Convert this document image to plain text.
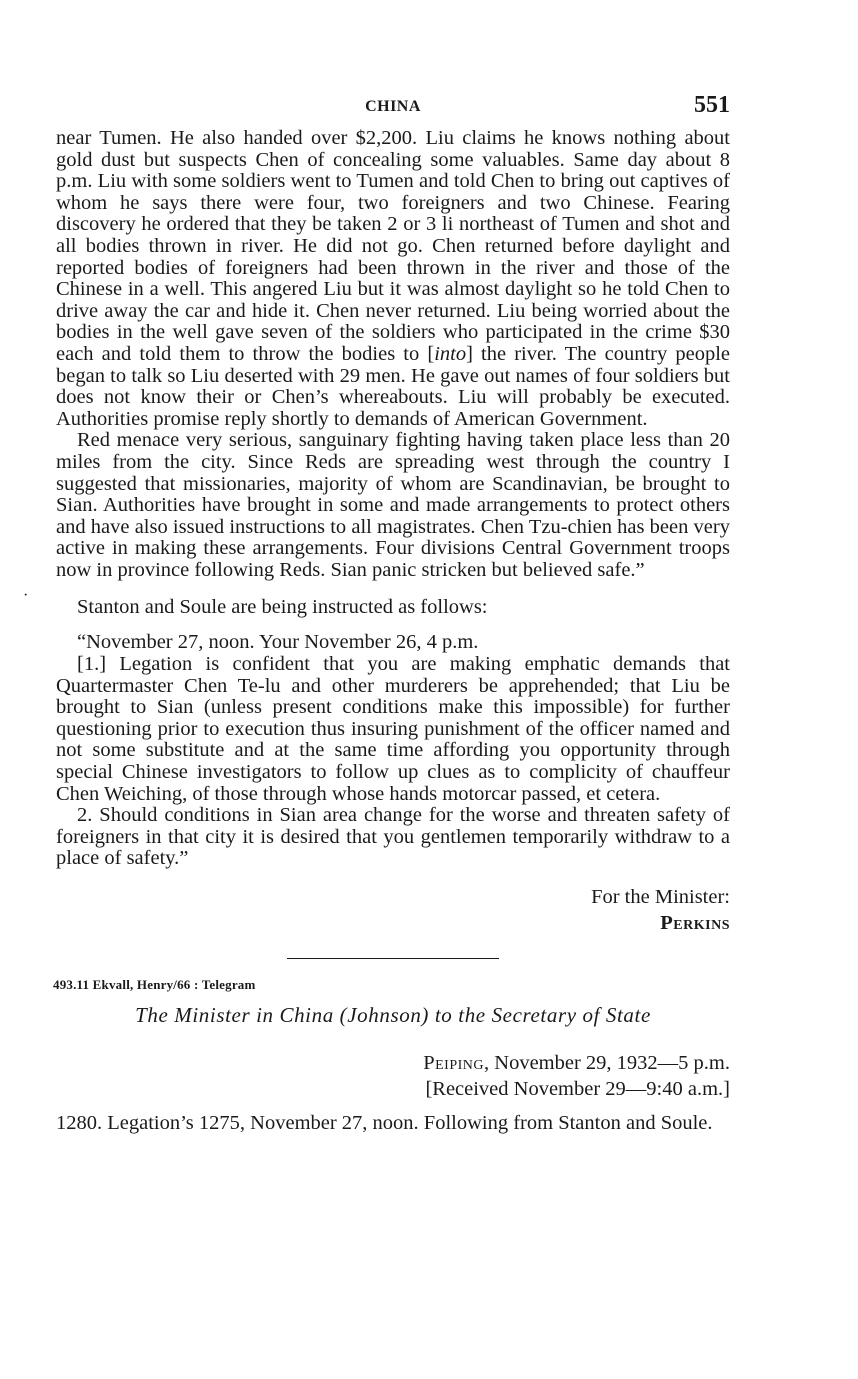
CHINA	551

near Tumen. He also handed over $2,200. Liu claims he knows nothing about gold dust but suspects Chen of concealing some valuables. Same day about 8 p.m. Liu with some soldiers went to Tumen and told Chen to bring out captives of whom he says there were four, two foreigners and two Chinese. Fearing discovery he ordered that they be taken 2 or 3 li northeast of Tumen and shot and all bodies thrown in river. He did not go. Chen returned before daylight and reported bodies of foreigners had been thrown in the river and those of the Chinese in a well. This angered Liu but it was almost daylight so he told Chen to drive away the car and hide it. Chen never returned. Liu being worried about the bodies in the well gave seven of the soldiers who participated in the crime $30 each and told them to throw the bodies to [into] the river. The country people began to talk so Liu deserted with 29 men. He gave out names of four soldiers but does not know their or Chen’s whereabouts. Liu will probably be executed. Authorities promise reply shortly to demands of American Government.

Red menace very serious, sanguinary fighting having taken place less than 20 miles from the city. Since Reds are spreading west through the country I suggested that missionaries, majority of whom are Scandinavian, be brought to Sian. Authorities have brought in some and made arrangements to protect others and have also issued instructions to all magistrates. Chen Tzu-chien has been very active in making these arrangements. Four divisions Central Government troops now in province following Reds. Sian panic stricken but believed safe.”

Stanton and Soule are being instructed as follows:

“November 27, noon. Your November 26, 4 p.m.

[1.] Legation is confident that you are making emphatic demands that Quartermaster Chen Te-lu and other murderers be apprehended; that Liu be brought to Sian (unless present conditions make this impossible) for further questioning prior to execution thus insuring punishment of the officer named and not some substitute and at the same time affording you opportunity through special Chinese investigators to follow up clues as to complicity of chauffeur Chen Weiching, of those through whose hands motorcar passed, et cetera.

2. Should conditions in Sian area change for the worse and threaten safety of foreigners in that city it is desired that you gentlemen temporarily withdraw to a place of safety.”

For the Minister:
Perkins
493.11 Ekvall, Henry/66 : Telegram
The Minister in China (Johnson) to the Secretary of State
Peiping, November 29, 1932—5 p.m.
[Received November 29—9:40 a.m.]

1280. Legation’s 1275, November 27, noon. Following from Stanton and Soule.

·
